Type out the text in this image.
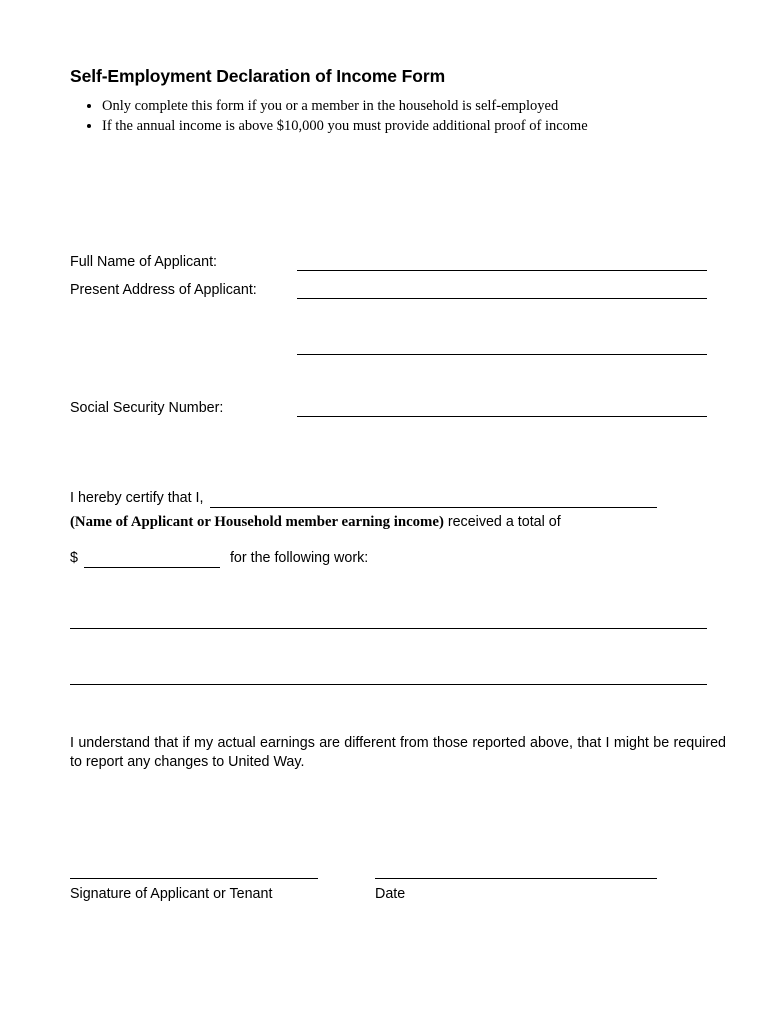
Self-Employment Declaration of Income Form
• Only complete this form if you or a member in the household is self-employed
• If the annual income is above $10,000 you must provide additional proof of income
Full Name of Applicant:
Present Address of Applicant:
Social Security Number:
I hereby certify that I,
(Name of Applicant or Household member earning income) received a total of
$	for the following work:
I understand that if my actual earnings are different from those reported above, that I might be required to report any changes to United Way.
Signature of Applicant or Tenant	Date
